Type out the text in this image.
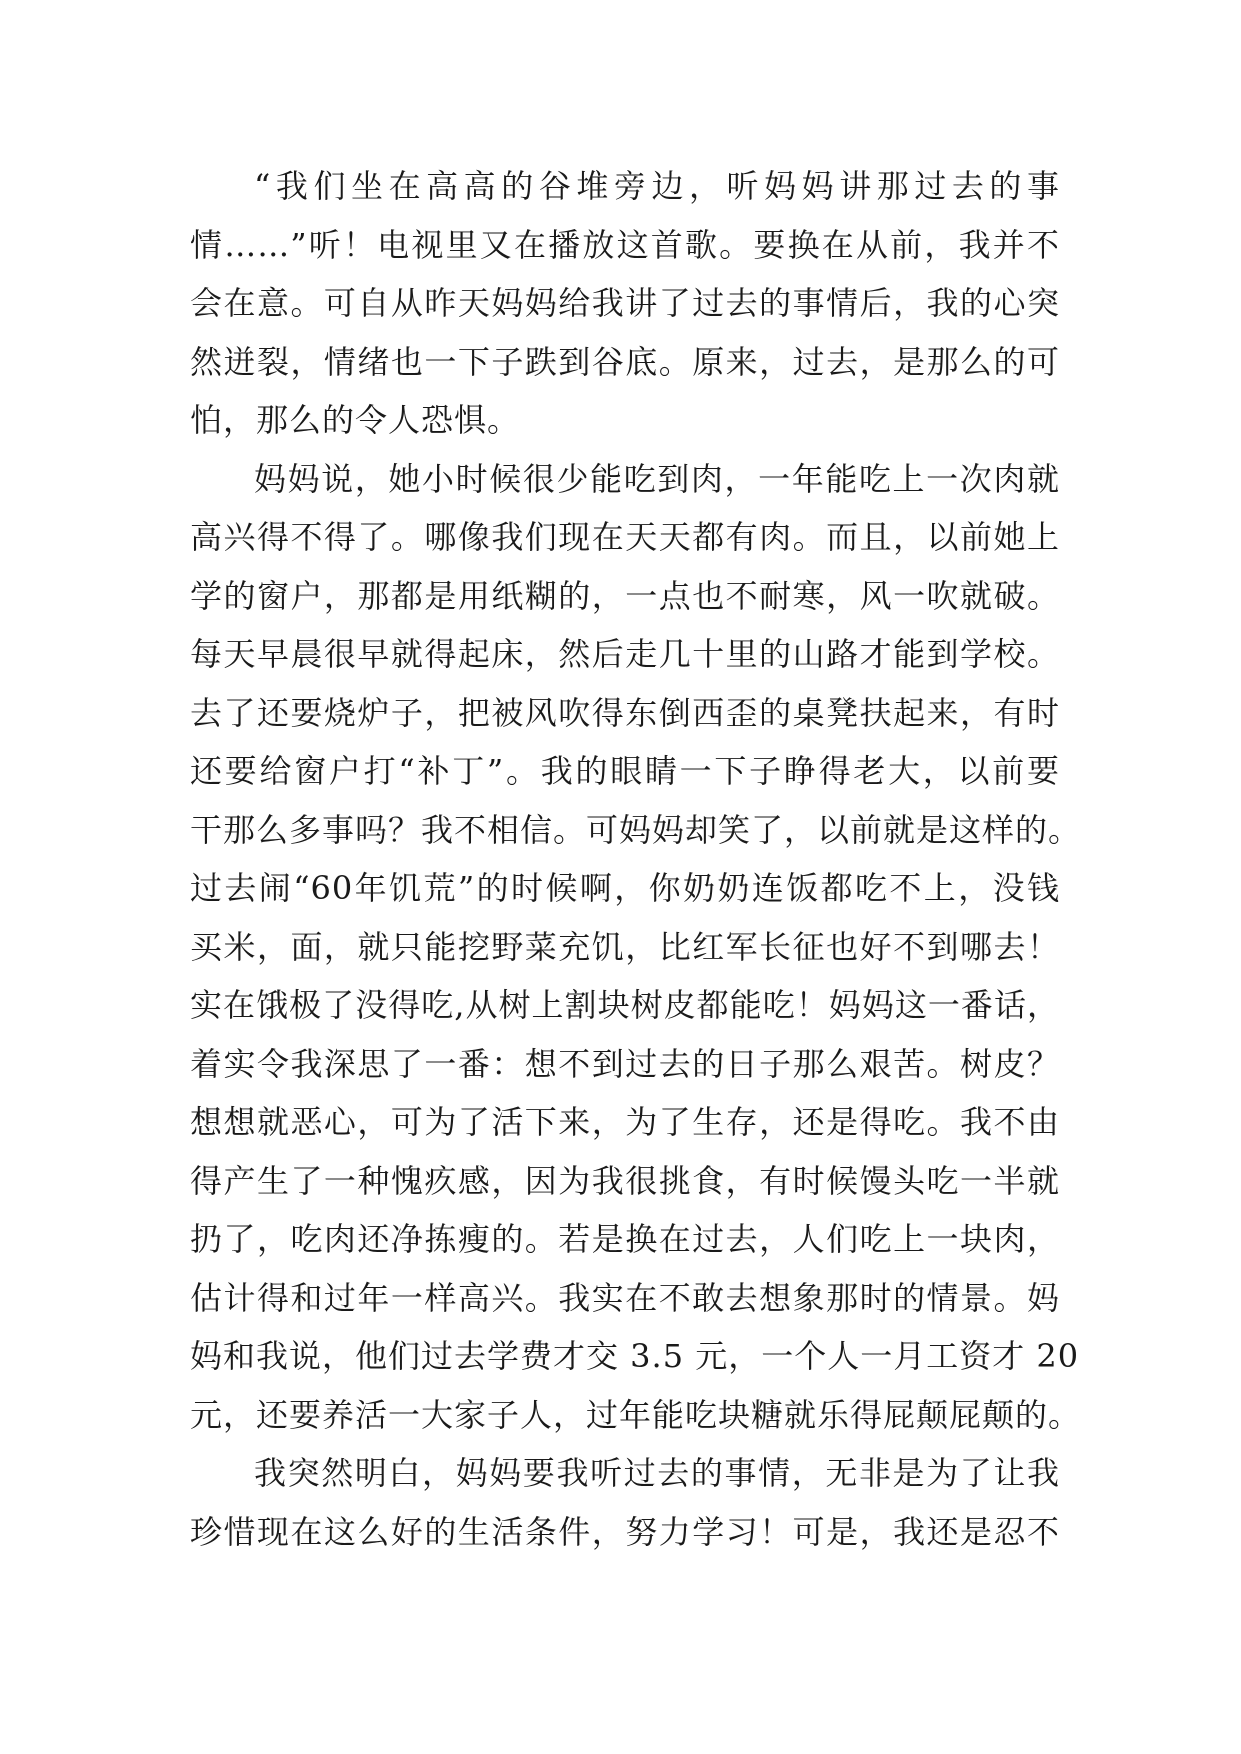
“我们坐在高高的谷堆旁边，听妈妈讲那过去的事
情……”听！电视里又在播放这首歌。要换在从前，我并不
会在意。可自从昨天妈妈给我讲了过去的事情后，我的心突
然迸裂，情绪也一下子跌到谷底。原来，过去，是那么的可
怕，那么的令人恐惧。
妈妈说，她小时候很少能吃到肉，一年能吃上一次肉就
高兴得不得了。哪像我们现在天天都有肉。而且，以前她上
学的窗户，那都是用纸糊的，一点也不耐寒，风一吹就破。
每天早晨很早就得起床，然后走几十里的山路才能到学校。
去了还要烧炉子，把被风吹得东倒西歪的桌凳扶起来，有时
还要给窗户打“补丁”。我的眼睛一下子睁得老大，以前要
干那么多事吗？我不相信。可妈妈却笑了，以前就是这样的。
过去闹“60年饥荒”的时候啊，你奶奶连饭都吃不上，没钱
买米，面，就只能挖野菜充饥，比红军长征也好不到哪去！
实在饿极了没得吃,从树上割块树皮都能吃！妈妈这一番话，
着实令我深思了一番：想不到过去的日子那么艰苦。树皮？
想想就恶心，可为了活下来，为了生存，还是得吃。我不由
得产生了一种愧疚感，因为我很挑食，有时候馒头吃一半就
扔了，吃肉还净拣瘦的。若是换在过去，人们吃上一块肉，
估计得和过年一样高兴。我实在不敢去想象那时的情景。妈
妈和我说，他们过去学费才交 3.5 元，一个人一月工资才 20
元，还要养活一大家子人，过年能吃块糖就乐得屁颠屁颠的。
我突然明白，妈妈要我听过去的事情，无非是为了让我
珍惜现在这么好的生活条件，努力学习！可是，我还是忍不
